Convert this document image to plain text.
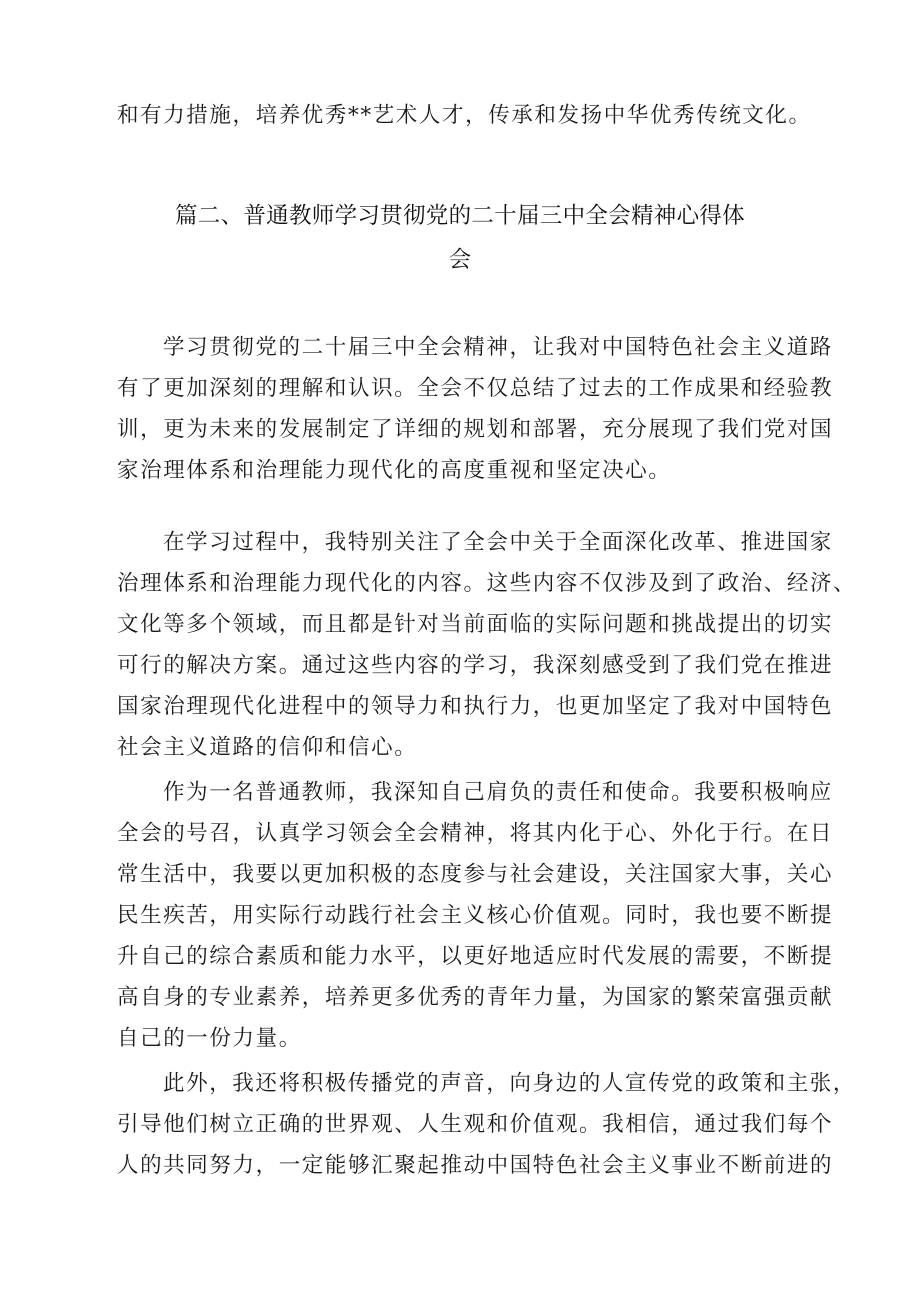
和有力措施，培养优秀**艺术人才，传承和发扬中华优秀传统文化。
篇二、普通教师学习贯彻党的二十届三中全会精神心得体
会
学习贯彻党的二十届三中全会精神，让我对中国特色社会主义道路
有了更加深刻的理解和认识。全会不仅总结了过去的工作成果和经验教
训，更为未来的发展制定了详细的规划和部署，充分展现了我们党对国
家治理体系和治理能力现代化的高度重视和坚定决心。
在学习过程中，我特别关注了全会中关于全面深化改革、推进国家
治理体系和治理能力现代化的内容。这些内容不仅涉及到了政治、经济、
文化等多个领域，而且都是针对当前面临的实际问题和挑战提出的切实
可行的解决方案。通过这些内容的学习，我深刻感受到了我们党在推进
国家治理现代化进程中的领导力和执行力，也更加坚定了我对中国特色
社会主义道路的信仰和信心。
作为一名普通教师，我深知自己肩负的责任和使命。我要积极响应
全会的号召，认真学习领会全会精神，将其内化于心、外化于行。在日
常生活中，我要以更加积极的态度参与社会建设，关注国家大事，关心
民生疾苦，用实际行动践行社会主义核心价值观。同时，我也要不断提
升自己的综合素质和能力水平，以更好地适应时代发展的需要，不断提
高自身的专业素养，培养更多优秀的青年力量，为国家的繁荣富强贡献
自己的一份力量。
此外，我还将积极传播党的声音，向身边的人宣传党的政策和主张，
引导他们树立正确的世界观、人生观和价值观。我相信，通过我们每个
人的共同努力，一定能够汇聚起推动中国特色社会主义事业不断前进的
